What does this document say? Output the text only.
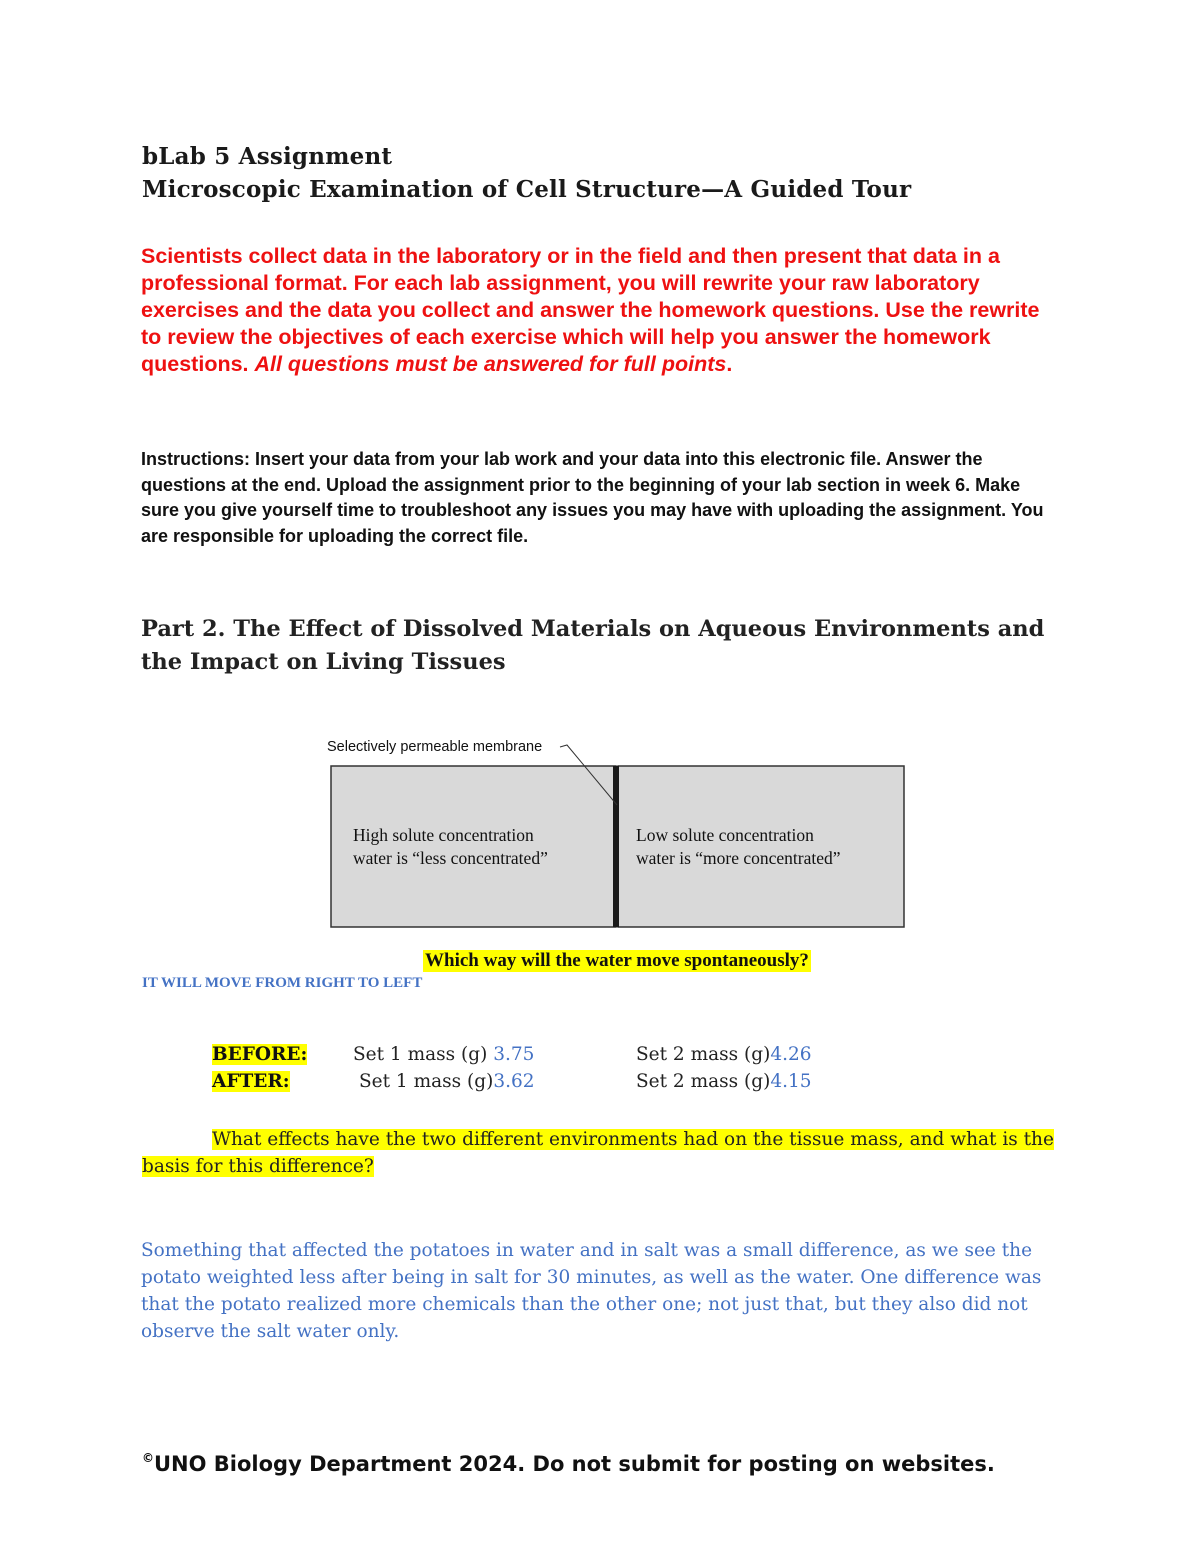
bLab 5 Assignment
Microscopic Examination of Cell Structure—A Guided Tour
Scientists collect data in the laboratory or in the field and then present that data in a professional format. For each lab assignment, you will rewrite your raw laboratory exercises and the data you collect and answer the homework questions. Use the rewrite to review the objectives of each exercise which will help you answer the homework questions. All questions must be answered for full points.
Instructions: Insert your data from your lab work and your data into this electronic file. Answer the questions at the end. Upload the assignment prior to the beginning of your lab section in week 6. Make sure you give yourself time to troubleshoot any issues you may have with uploading the assignment. You are responsible for uploading the correct file.
Part 2. The Effect of Dissolved Materials on Aqueous Environments and the Impact on Living Tissues
Selectively permeable membrane
High solute concentration
water is “less concentrated”
Low solute concentration
water is “more concentrated”
Which way will the water move spontaneously?
IT WILL MOVE FROM RIGHT TO LEFT
BEFORE: Set 1 mass (g) 3.75	Set 2 mass (g)4.26
AFTER:	Set 1 mass (g)3.62	Set 2 mass (g)4.15
What effects have the two different environments had on the tissue mass, and what is the basis for this difference?
Something that affected the potatoes in water and in salt was a small difference, as we see the potato weighted less after being in salt for 30 minutes, as well as the water. One difference was that the potato realized more chemicals than the other one; not just that, but they also did not observe the salt water only.
©UNO Biology Department 2024. Do not submit for posting on websites.
